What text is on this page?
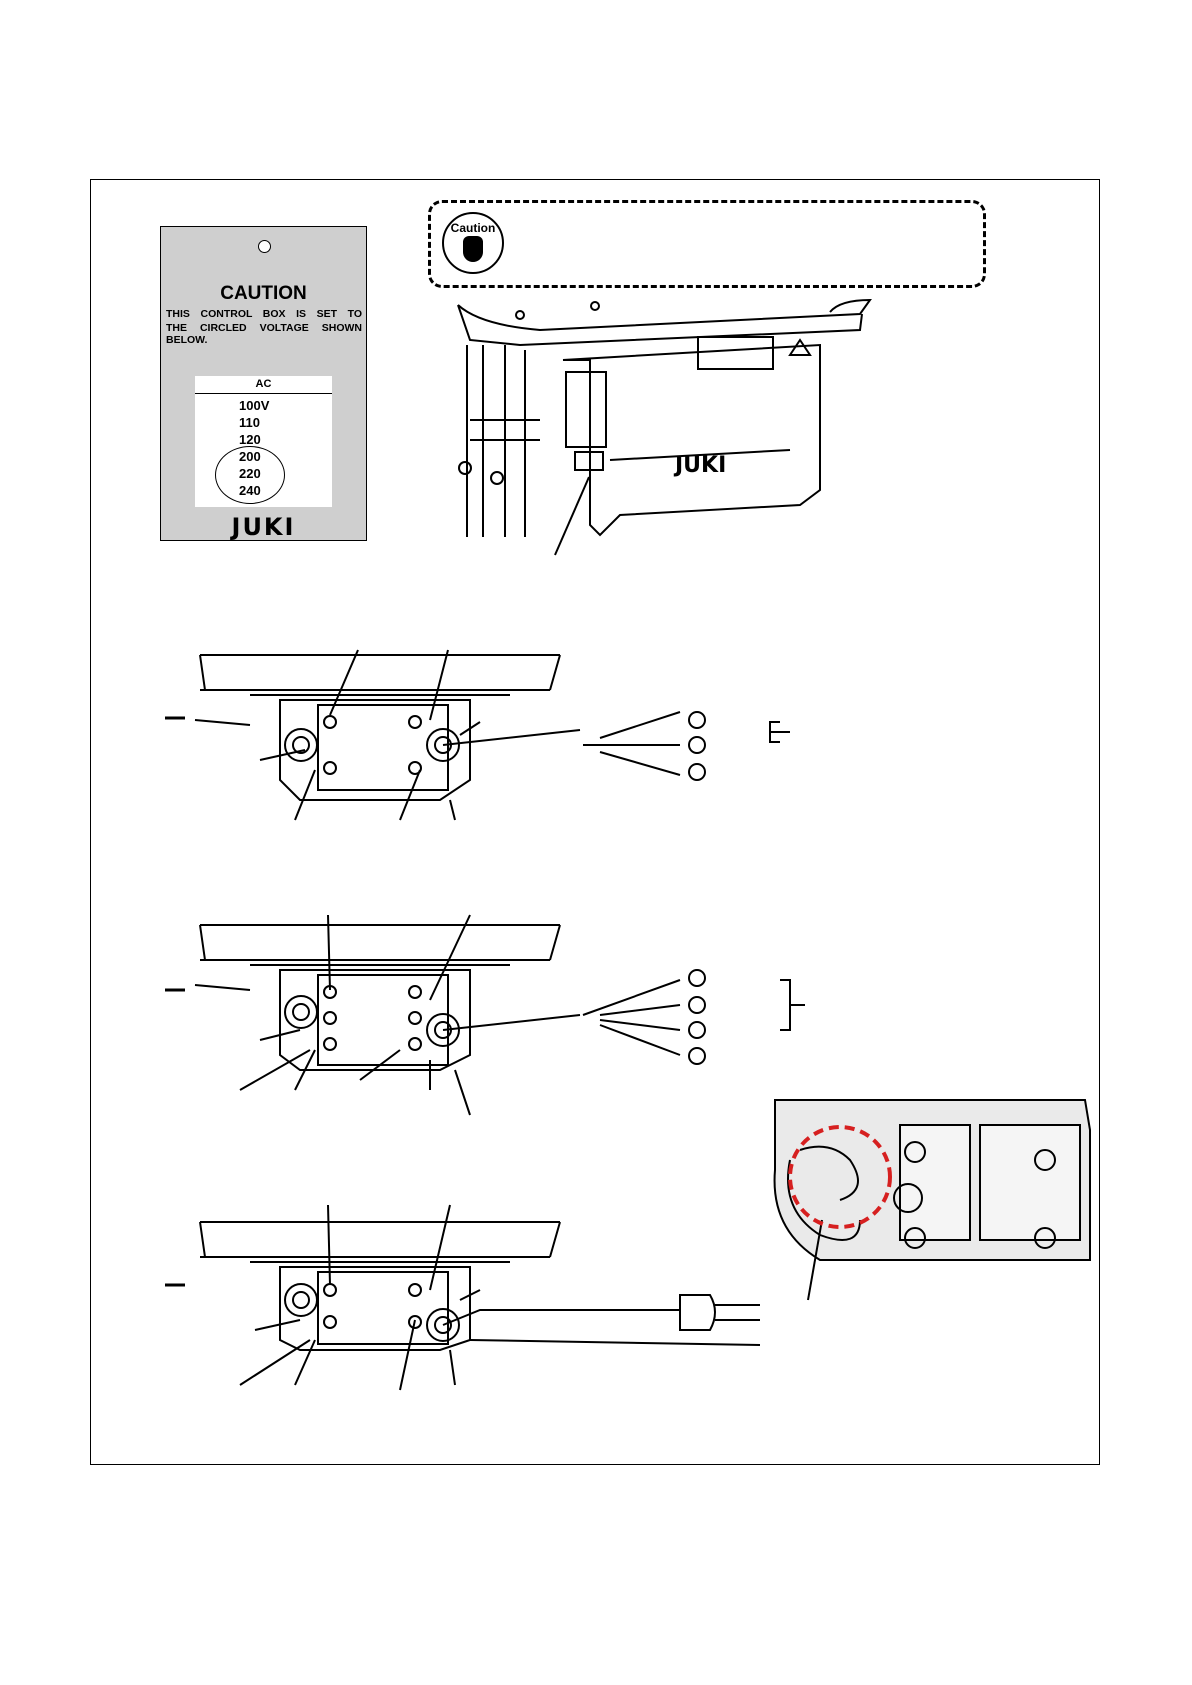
CAUTION
THIS CONTROL BOX IS SET TO
THE CIRCLED VOLTAGE SHOWN BELOW.
AC
100V
110
120
200
220
240
JUKI
Caution
JUKI
